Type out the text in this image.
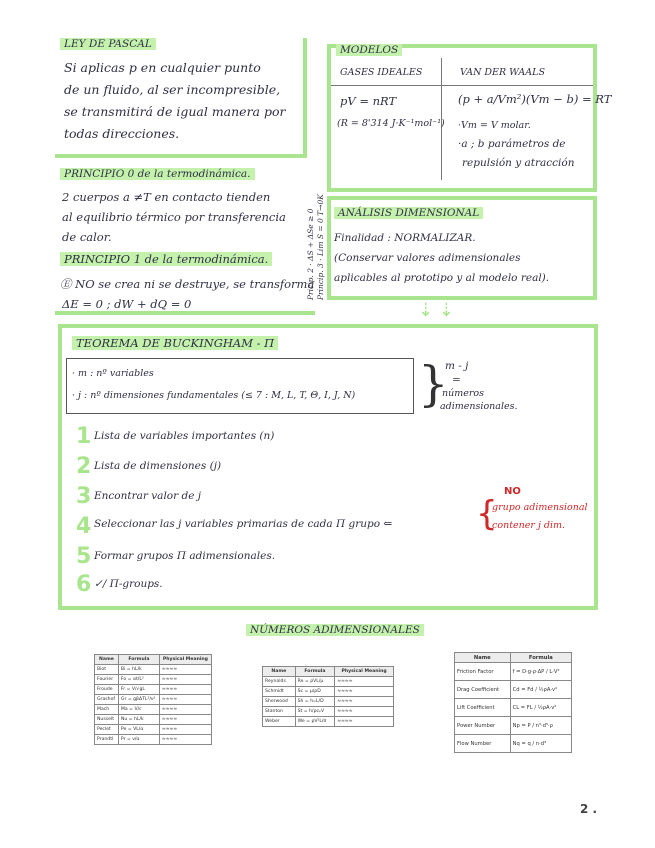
LEY DE PASCAL
Si aplicas p en cualquier punto
de un fluido, al ser incompresible,
se transmitirá de igual manera por
todas direcciones.
PRINCIPIO 0 de la termodinámica.
2 cuerpos a ≠T en contacto tienden
al equilibrio térmico por transferencia
de calor.
PRINCIPIO 1 de la termodinámica.
Ⓔ NO se crea ni se destruye, se transforma
ΔE = 0 ; dW + dQ = 0
Pricip. 2 · ΔS + ΔSe ≥ 0 Princip. 3 · Lim S = 0 T→0K
MODELOS
GASES IDEALES	VAN DER WAALS
pV = nRT
(R = 8'314 J·K⁻¹mol⁻¹)
(p + a/Vm²)(Vm − b) = RT
·Vm = V molar.
·a ; b parámetros de
repulsión y atracción
ANÁLISIS DIMENSIONAL
Finalidad : NORMALIZAR.
(Conservar valores adimensionales
aplicables al prototipo y al modelo real).
⇣ ⇣
TEOREMA DE BUCKINGHAM - Π
· m : nº variables
· j : nº dimensiones fundamentales (≤ 7 : M, L, T, Θ, I, J, N) }
m - j
=
números
adimensionales.
1 Lista de variables importantes (n)
2 Lista de dimensiones (j)
3 Encontrar valor de j
4 Seleccionar las j variables primarias de cada Π grupo ⇐
5 Formar grupos Π adimensionales.
6 ✓/ Π-groups.
NO
{
· grupo adimensional
· contener j dim.
NÚMEROS ADIMENSIONALES
Name	Formula	Physical Meaning
Biot	Bi = hL/k	≈≈≈≈
Fourier	Fo = αt/L²	≈≈≈≈
Froude	Fr = V/√gL	≈≈≈≈
Grashof	Gr = gβΔTL³/ν²	≈≈≈≈
Mach	Ma = V/c	≈≈≈≈
Nusselt	Nu = hL/k	≈≈≈≈
Peclet	Pe = VL/α	≈≈≈≈
Prandtl	Pr = ν/α	≈≈≈≈
Name	Formula	Physical Meaning
Reynolds	Re = ρVL/μ	≈≈≈≈
Schmidt	Sc = μ/ρD	≈≈≈≈
Sherwood	Sh = hₘL/D	≈≈≈≈
Stanton	St = h/ρcₚV	≈≈≈≈
Weber	We = ρV²L/σ	≈≈≈≈
Name	Formula
Friction Factor	f = D·g·ρ·ΔP / L·V²
Drag Coefficient	Cd = Fd / ½ρA·v²
Lift Coefficient	CL = FL / ½ρA·v²
Power Number	Np = P / n³·d⁵·ρ
Flow Number	Nq = q / n·d³
2 .
